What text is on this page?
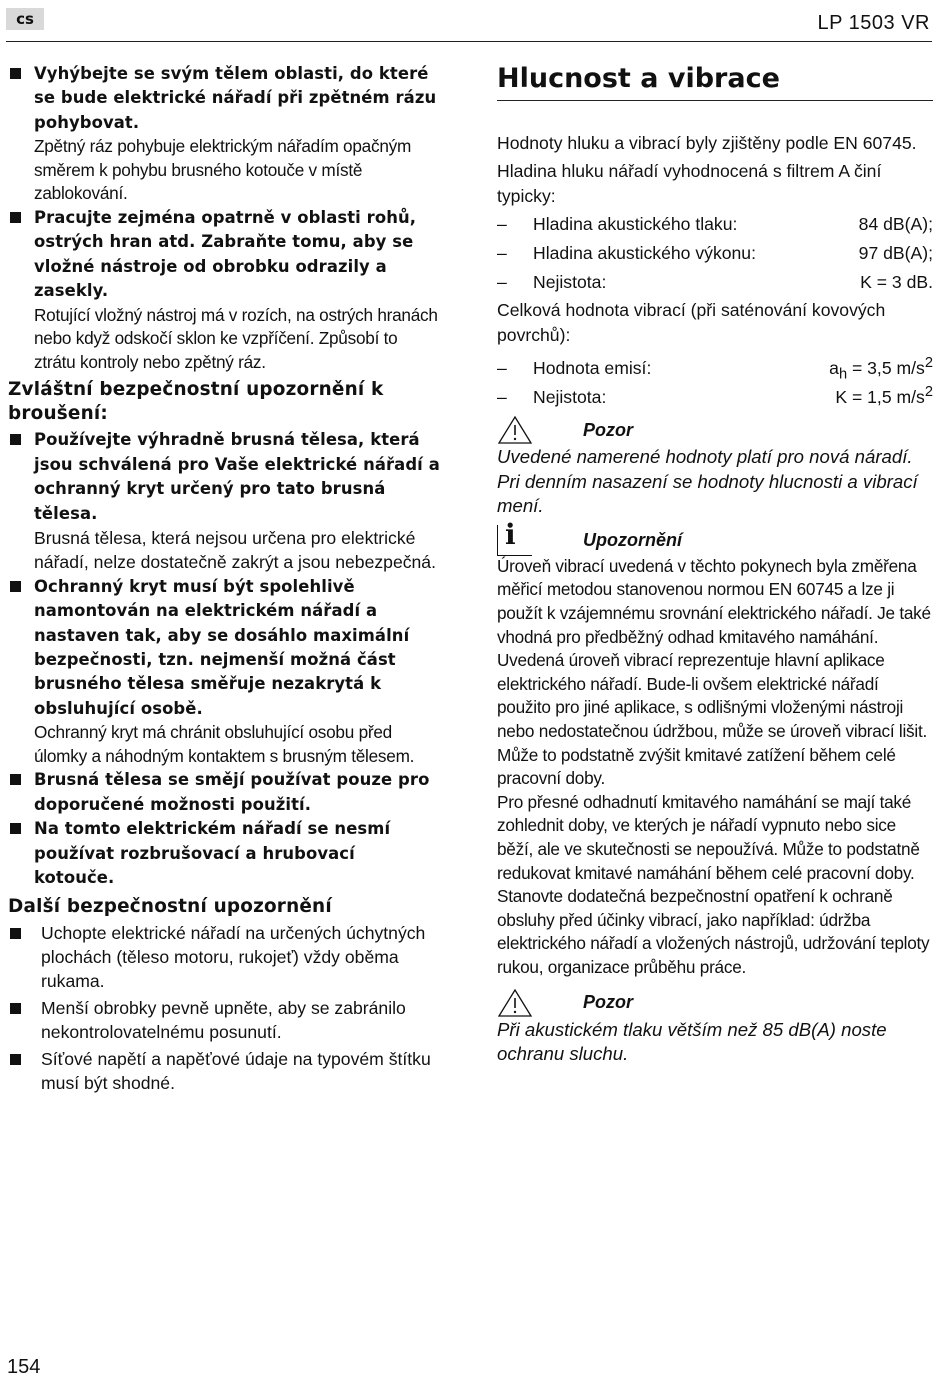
cs	LP 1503 VR
Vyhýbejte se svým tělem oblasti, do které se bude elektrické nářadí při zpětném rázu pohybovat.
Zpětný ráz pohybuje elektrickým nářadím opačným směrem k pohybu brusného kotouče v místě zablokování.
Pracujte zejména opatrně v oblasti rohů, ostrých hran atd. Zabraňte tomu, aby se vložné nástroje od obrobku odrazily a zasekly.
Rotující vložný nástroj má v rozích, na ostrých hranách nebo když odskočí sklon ke vzpříčení. Způsobí to ztrátu kontroly nebo zpětný ráz.
Zvláštní bezpečnostní upozornění k broušení:
Používejte výhradně brusná tělesa, která jsou schválená pro Vaše elektrické nářadí a ochranný kryt určený pro tato brusná tělesa.
Brusná tělesa, která nejsou určena pro elektrické nářadí, nelze dostatečně zakrýt a jsou nebezpečná.
Ochranný kryt musí být spolehlivě namontován na elektrickém nářadí a nastaven tak, aby se dosáhlo maximální bezpečnosti, tzn. nejmenší možná část brusného tělesa směřuje nezakrytá k obsluhující osobě.
Ochranný kryt má chránit obsluhující osobu před úlomky a náhodným kontaktem s brusným tělesem.
Brusná tělesa se smějí používat pouze pro doporučené možnosti použití.
Na tomto elektrickém nářadí se nesmí používat rozbrušovací a hrubovací kotouče.
Další bezpečnostní upozornění
Uchopte elektrické nářadí na určených úchytných plochách (těleso motoru, rukojeť) vždy oběma rukama.
Menší obrobky pevně upněte, aby se zabránilo nekontrolovatelnému posunutí.
Síťové napětí a napěťové údaje na typovém štítku musí být shodné.
Hlucnost a vibrace

Hodnoty hluku a vibrací byly zjištěny podle EN 60745.

Hladina hluku nářadí vyhodnocená s filtrem A činí typicky:

–	Hladina akustického tlaku:	84 dB(A);
–	Hladina akustického výkonu:	97 dB(A);
–	Nejistota:	K = 3 dB.

Celková hodnota vibrací (při saténování kovových povrchů):

–	Hodnota emisí:	$a_h = 3,5$ $m/s^2$
–	Nejistota:	K = 1,5 $m/s^2$
Pozor
Uvedené namerené hodnoty platí pro nová náradí. Pri denním nasazení se hodnoty hlucnosti a vibrací mení.
i	Upozornění
Úroveň vibrací uvedená v těchto pokynech byla změřena měřicí metodou stanovenou normou EN 60745 a lze ji použít k vzájemnému srovnání elektrického nářadí. Je také vhodná pro předběžný odhad kmitavého namáhání. Uvedená úroveň vibrací reprezentuje hlavní aplikace elektrického nářadí. Bude-li ovšem elektrické nářadí použito pro jiné aplikace, s odlišnými vloženými nástroji nebo nedostatečnou údržbou, může se úroveň vibrací lišit. Může to podstatně zvýšit kmitavé zatížení během celé pracovní doby.
Pro přesné odhadnutí kmitavého namáhání se mají také zohlednit doby, ve kterých je nářadí vypnuto nebo sice běží, ale ve skutečnosti se nepoužívá. Může to podstatně redukovat kmitavé namáhání během celé pracovní doby.
Stanovte dodatečná bezpečnostní opatření k ochraně obsluhy před účinky vibrací, jako například: údržba elektrického nářadí a vložených nástrojů, udržování teploty rukou, organizace průběhu práce.
Pozor
Při akustickém tlaku větším než 85 dB(A) noste ochranu sluchu.
154
